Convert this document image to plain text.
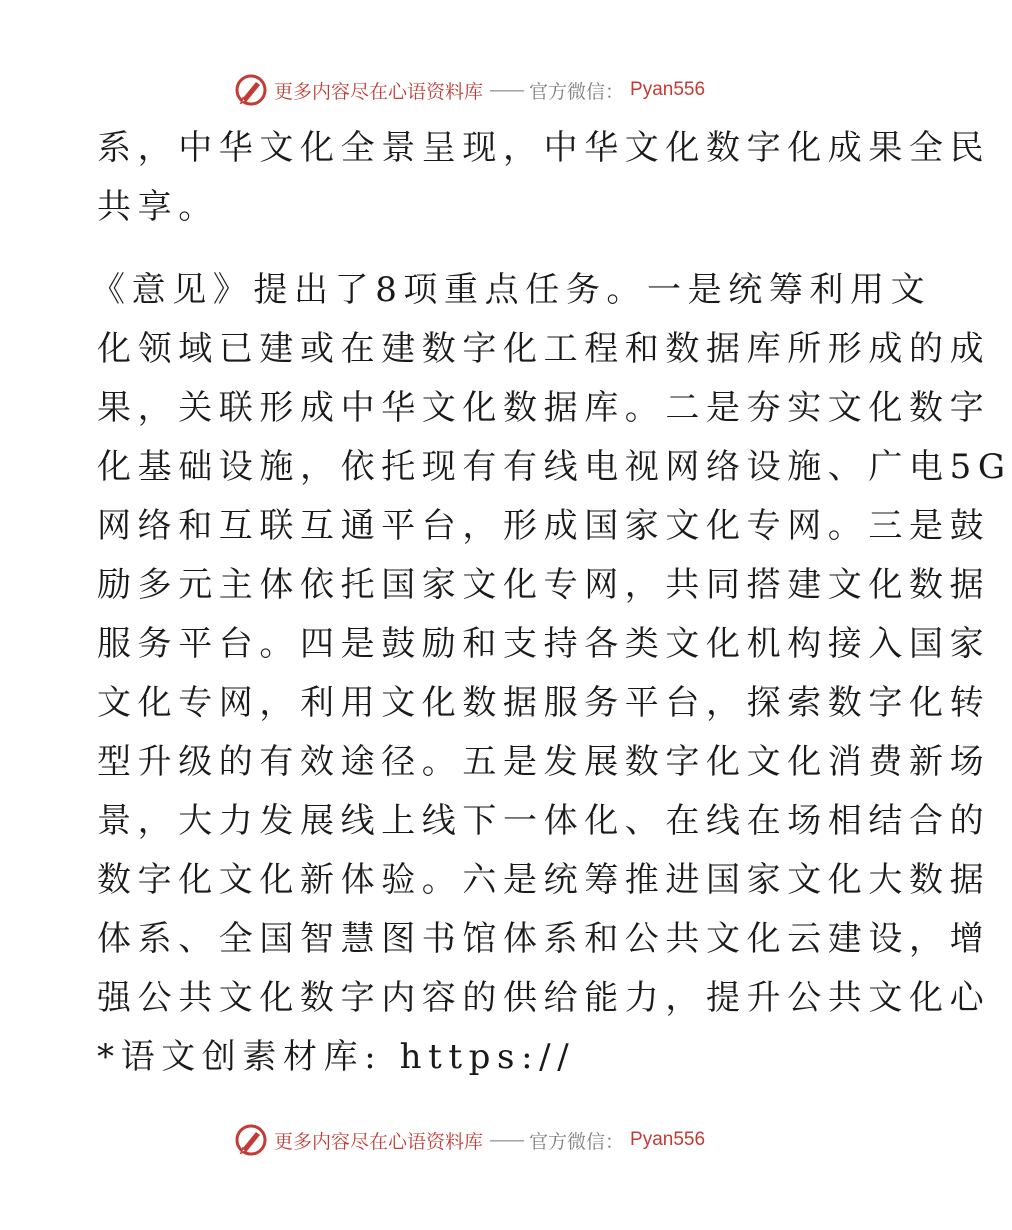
更多内容尽在心语资料库 —— 官方微信： Pyan556
系，中华文化全景呈现，中华文化数字化成果全民
共享。
《意见》提出了8项重点任务。一是统筹利用文
化领域已建或在建数字化工程和数据库所形成的成
果，关联形成中华文化数据库。二是夯实文化数字
化基础设施，依托现有有线电视网络设施、广电5G
网络和互联互通平台，形成国家文化专网。三是鼓
励多元主体依托国家文化专网，共同搭建文化数据
服务平台。四是鼓励和支持各类文化机构接入国家
文化专网，利用文化数据服务平台，探索数字化转
型升级的有效途径。五是发展数字化文化消费新场
景，大力发展线上线下一体化、在线在场相结合的
数字化文化新体验。六是统筹推进国家文化大数据
体系、全国智慧图书馆体系和公共文化云建设，增
强公共文化数字内容的供给能力，提升公共文化心
*语文创素材库: https://
更多内容尽在心语资料库 —— 官方微信： Pyan556
